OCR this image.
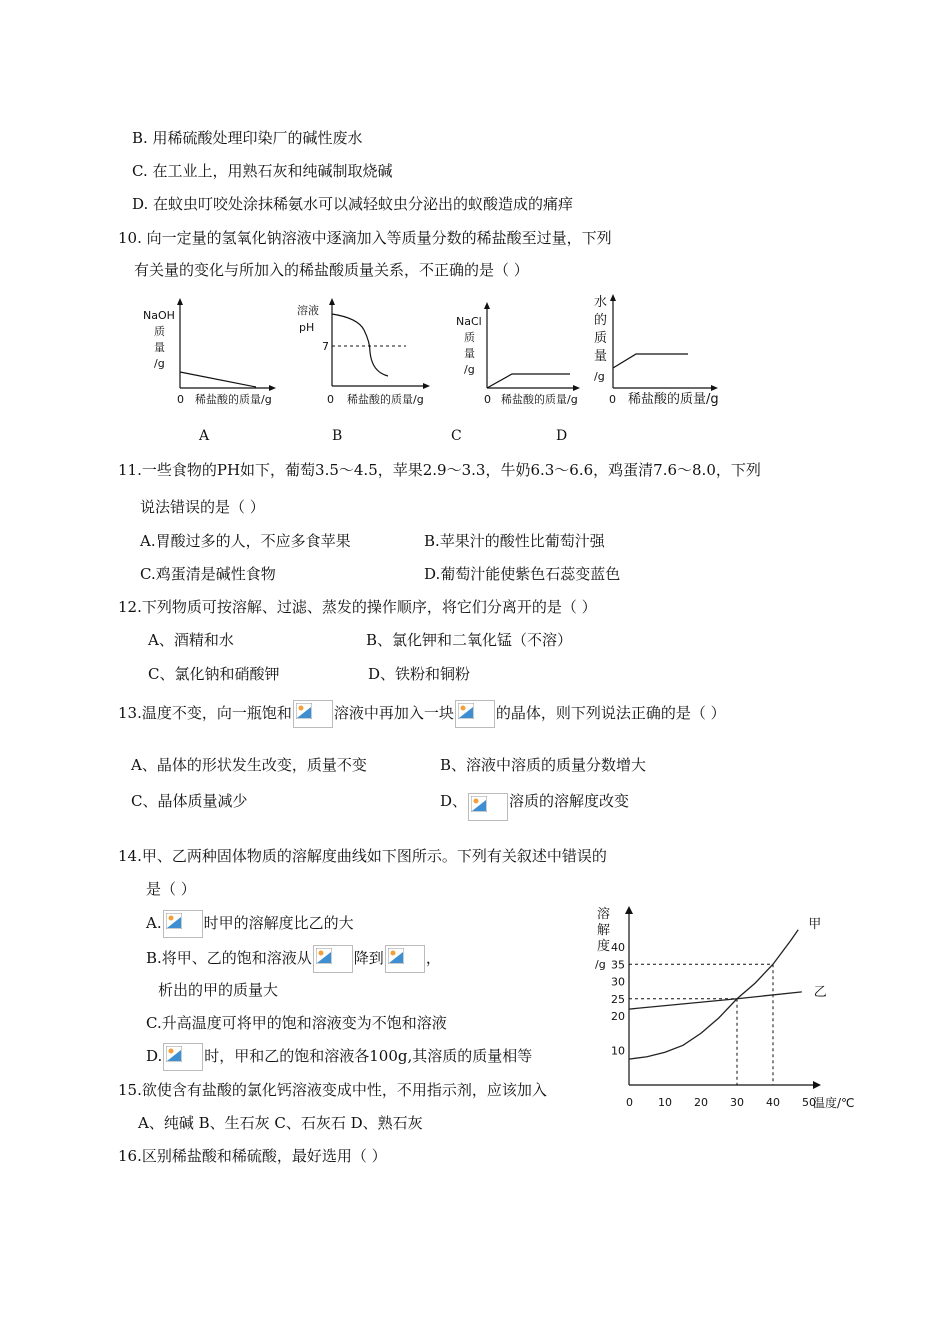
B. 用稀硫酸处理印染厂的碱性废水
C. 在工业上，用熟石灰和纯碱制取烧碱
D. 在蚊虫叮咬处涂抹稀氨水可以减轻蚊虫分泌出的蚁酸造成的痛痒
10. 向一定量的氢氧化钠溶液中逐滴加入等质量分数的稀盐酸至过量，下列
有关量的变化与所加入的稀盐酸质量关系，不正确的是（ ）
NaOH
质
量
/g
0 稀盐酸的质量/g
溶液
pH
7
0 稀盐酸的质量/g
NaCl
质
量
/g
0 稀盐酸的质量/g
水
的
质
量
/g
0 稀盐酸的质量/g
A	B	C	D
11.一些食物的PH如下，葡萄3.5～4.5，苹果2.9～3.3，牛奶6.3～6.6，鸡蛋清7.6～8.0，下列
说法错误的是（ ）
A.胃酸过多的人，不应多食苹果	B.苹果汁的酸性比葡萄汁强
C.鸡蛋清是碱性食物	D.葡萄汁能使紫色石蕊变蓝色
12.下列物质可按溶解、过滤、蒸发的操作顺序，将它们分离开的是（ ）
A、酒精和水	B、氯化钾和二氧化锰（不溶）
C、氯化钠和硝酸钾	D、铁粉和铜粉
13.温度不变，向一瓶饱和	溶液中再加入一块	的晶体，则下列说法正确的是（ ）
A、晶体的形状发生改变，质量不变	B、溶液中溶质的质量分数增大
C、晶体质量减少	D、	溶质的溶解度改变
14.甲、乙两种固体物质的溶解度曲线如下图所示。下列有关叙述中错误的
是（ ）
A.	时甲的溶解度比乙的大
B.将甲、乙的饱和溶液从	降到	，
析出的甲的质量大
C.升高温度可将甲的饱和溶液变为不饱和溶液
D.	时，甲和乙的饱和溶液各100g,其溶质的质量相等
15.欲使含有盐酸的氯化钙溶液变成中性，不用指示剂，应该加入
A、纯碱 B、生石灰 C、石灰石 D、熟石灰
16.区别稀盐酸和稀硫酸，最好选用（ ）
溶
解
度
/g
0 10 20 30 40 50
10
20
25
30
35
40
温度/℃
甲
乙
